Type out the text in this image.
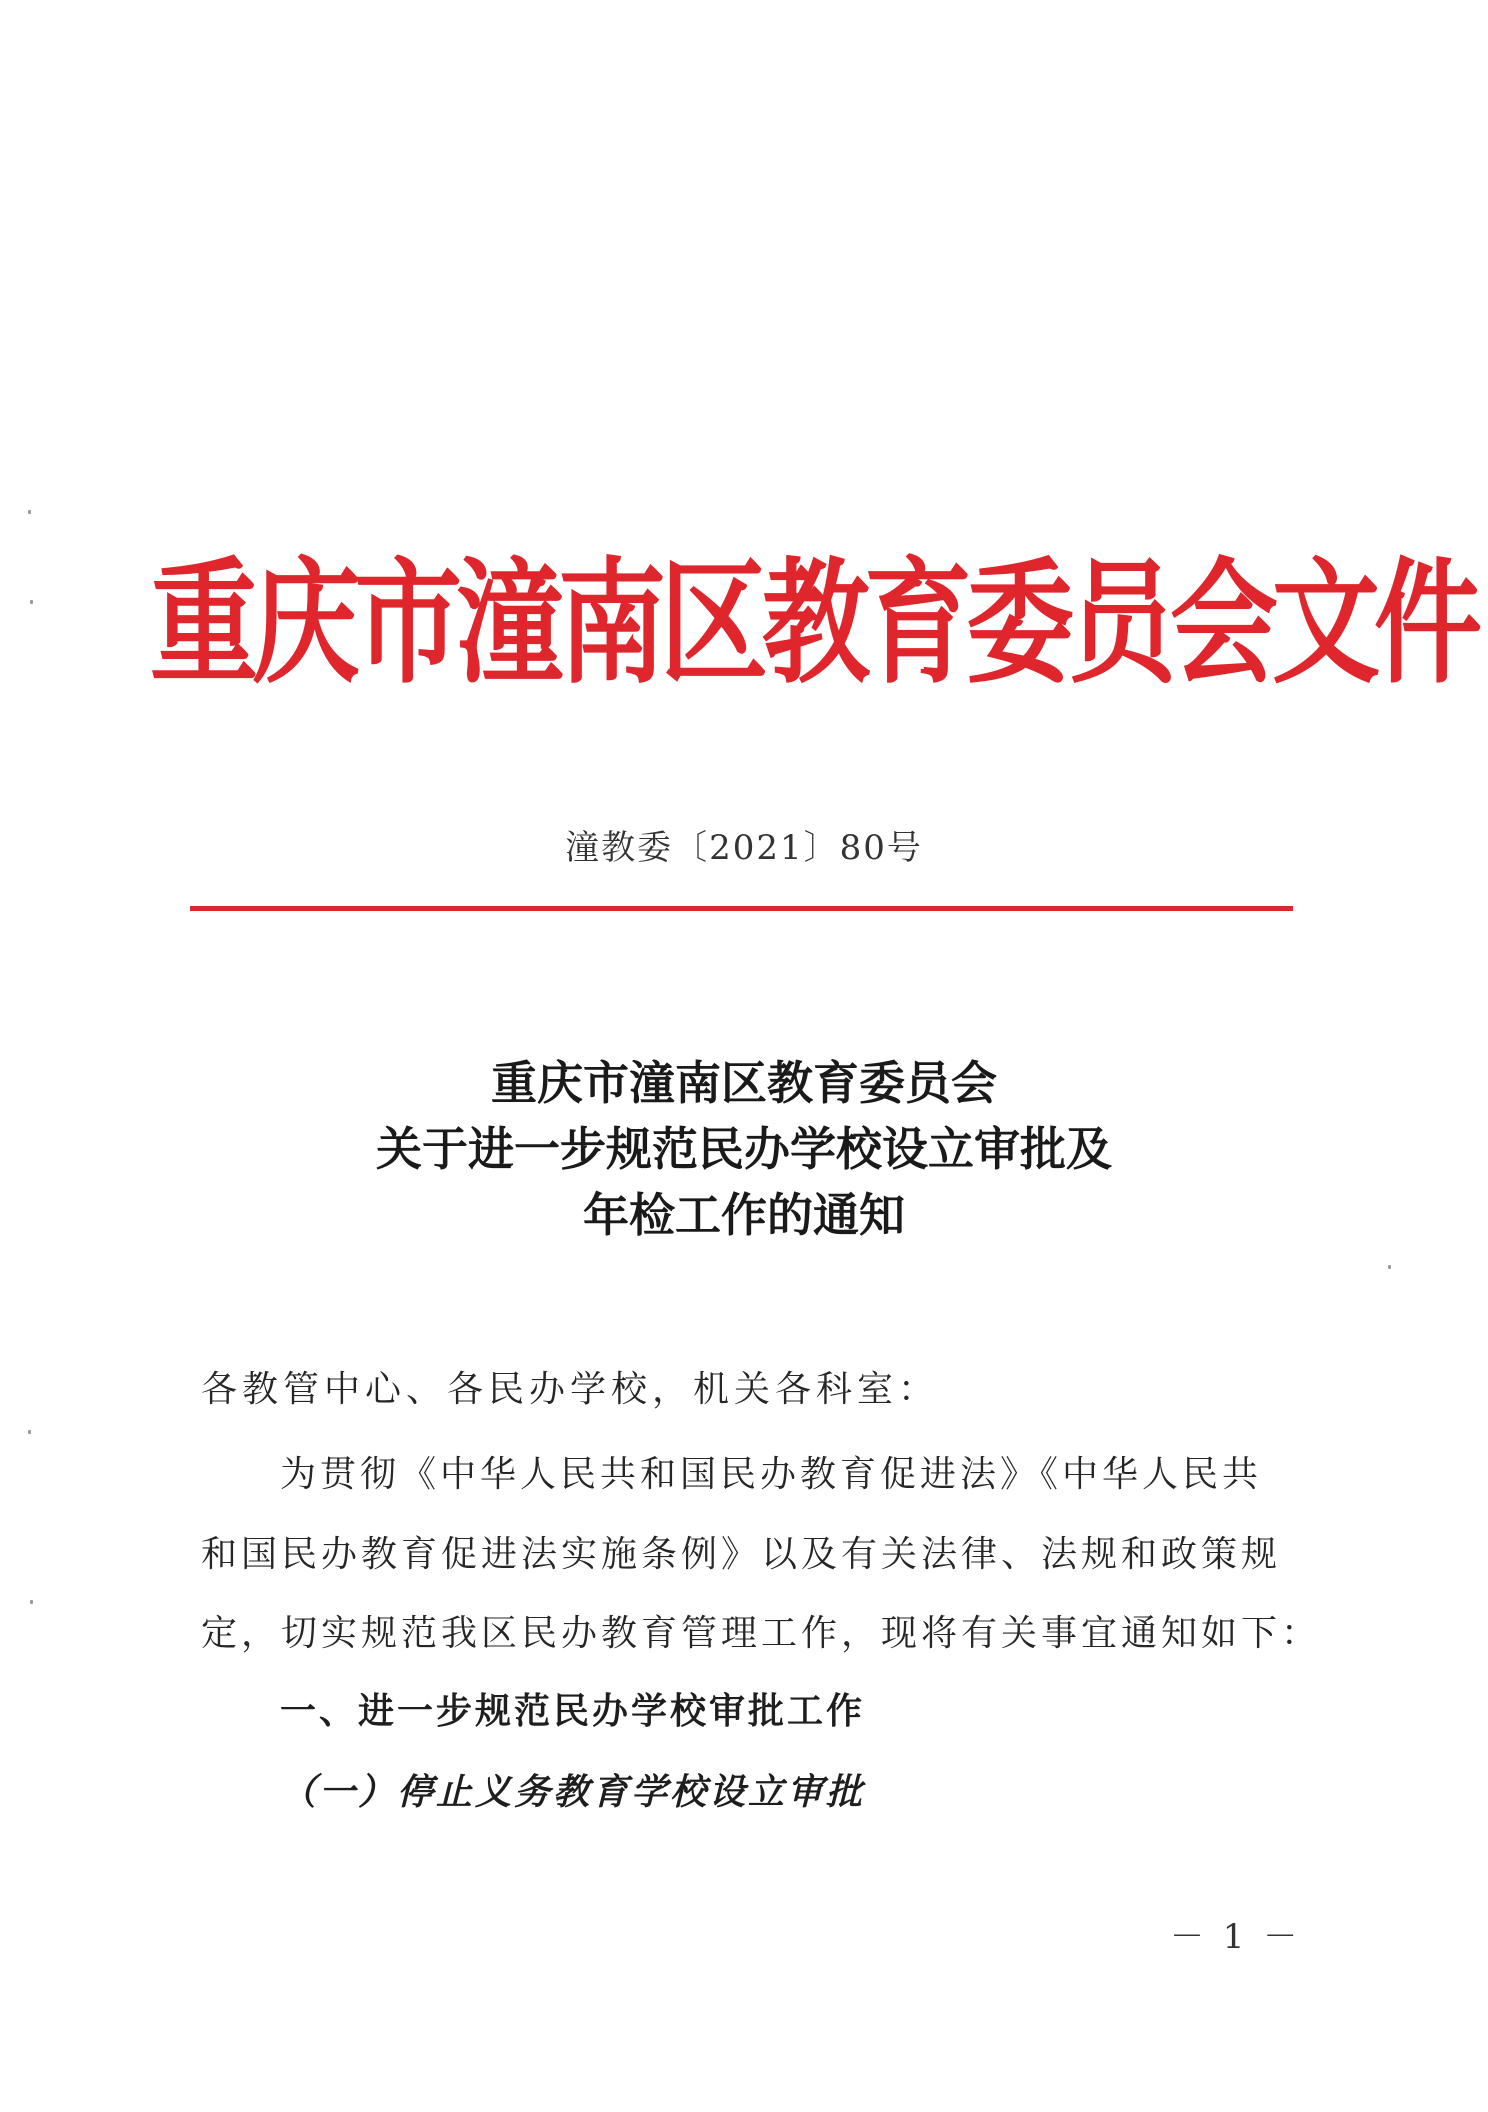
重庆市潼南区教育委员会文件
潼教委〔2021〕80号
重庆市潼南区教育委员会
关于进一步规范民办学校设立审批及
年检工作的通知
各教管中心、各民办学校，机关各科室：
为贯彻《中华人民共和国民办教育促进法》《中华人民共
和国民办教育促进法实施条例》以及有关法律、法规和政策规
定，切实规范我区民办教育管理工作，现将有关事宜通知如下：
一、进一步规范民办学校审批工作
（一）停止义务教育学校设立审批
－ 1 －
